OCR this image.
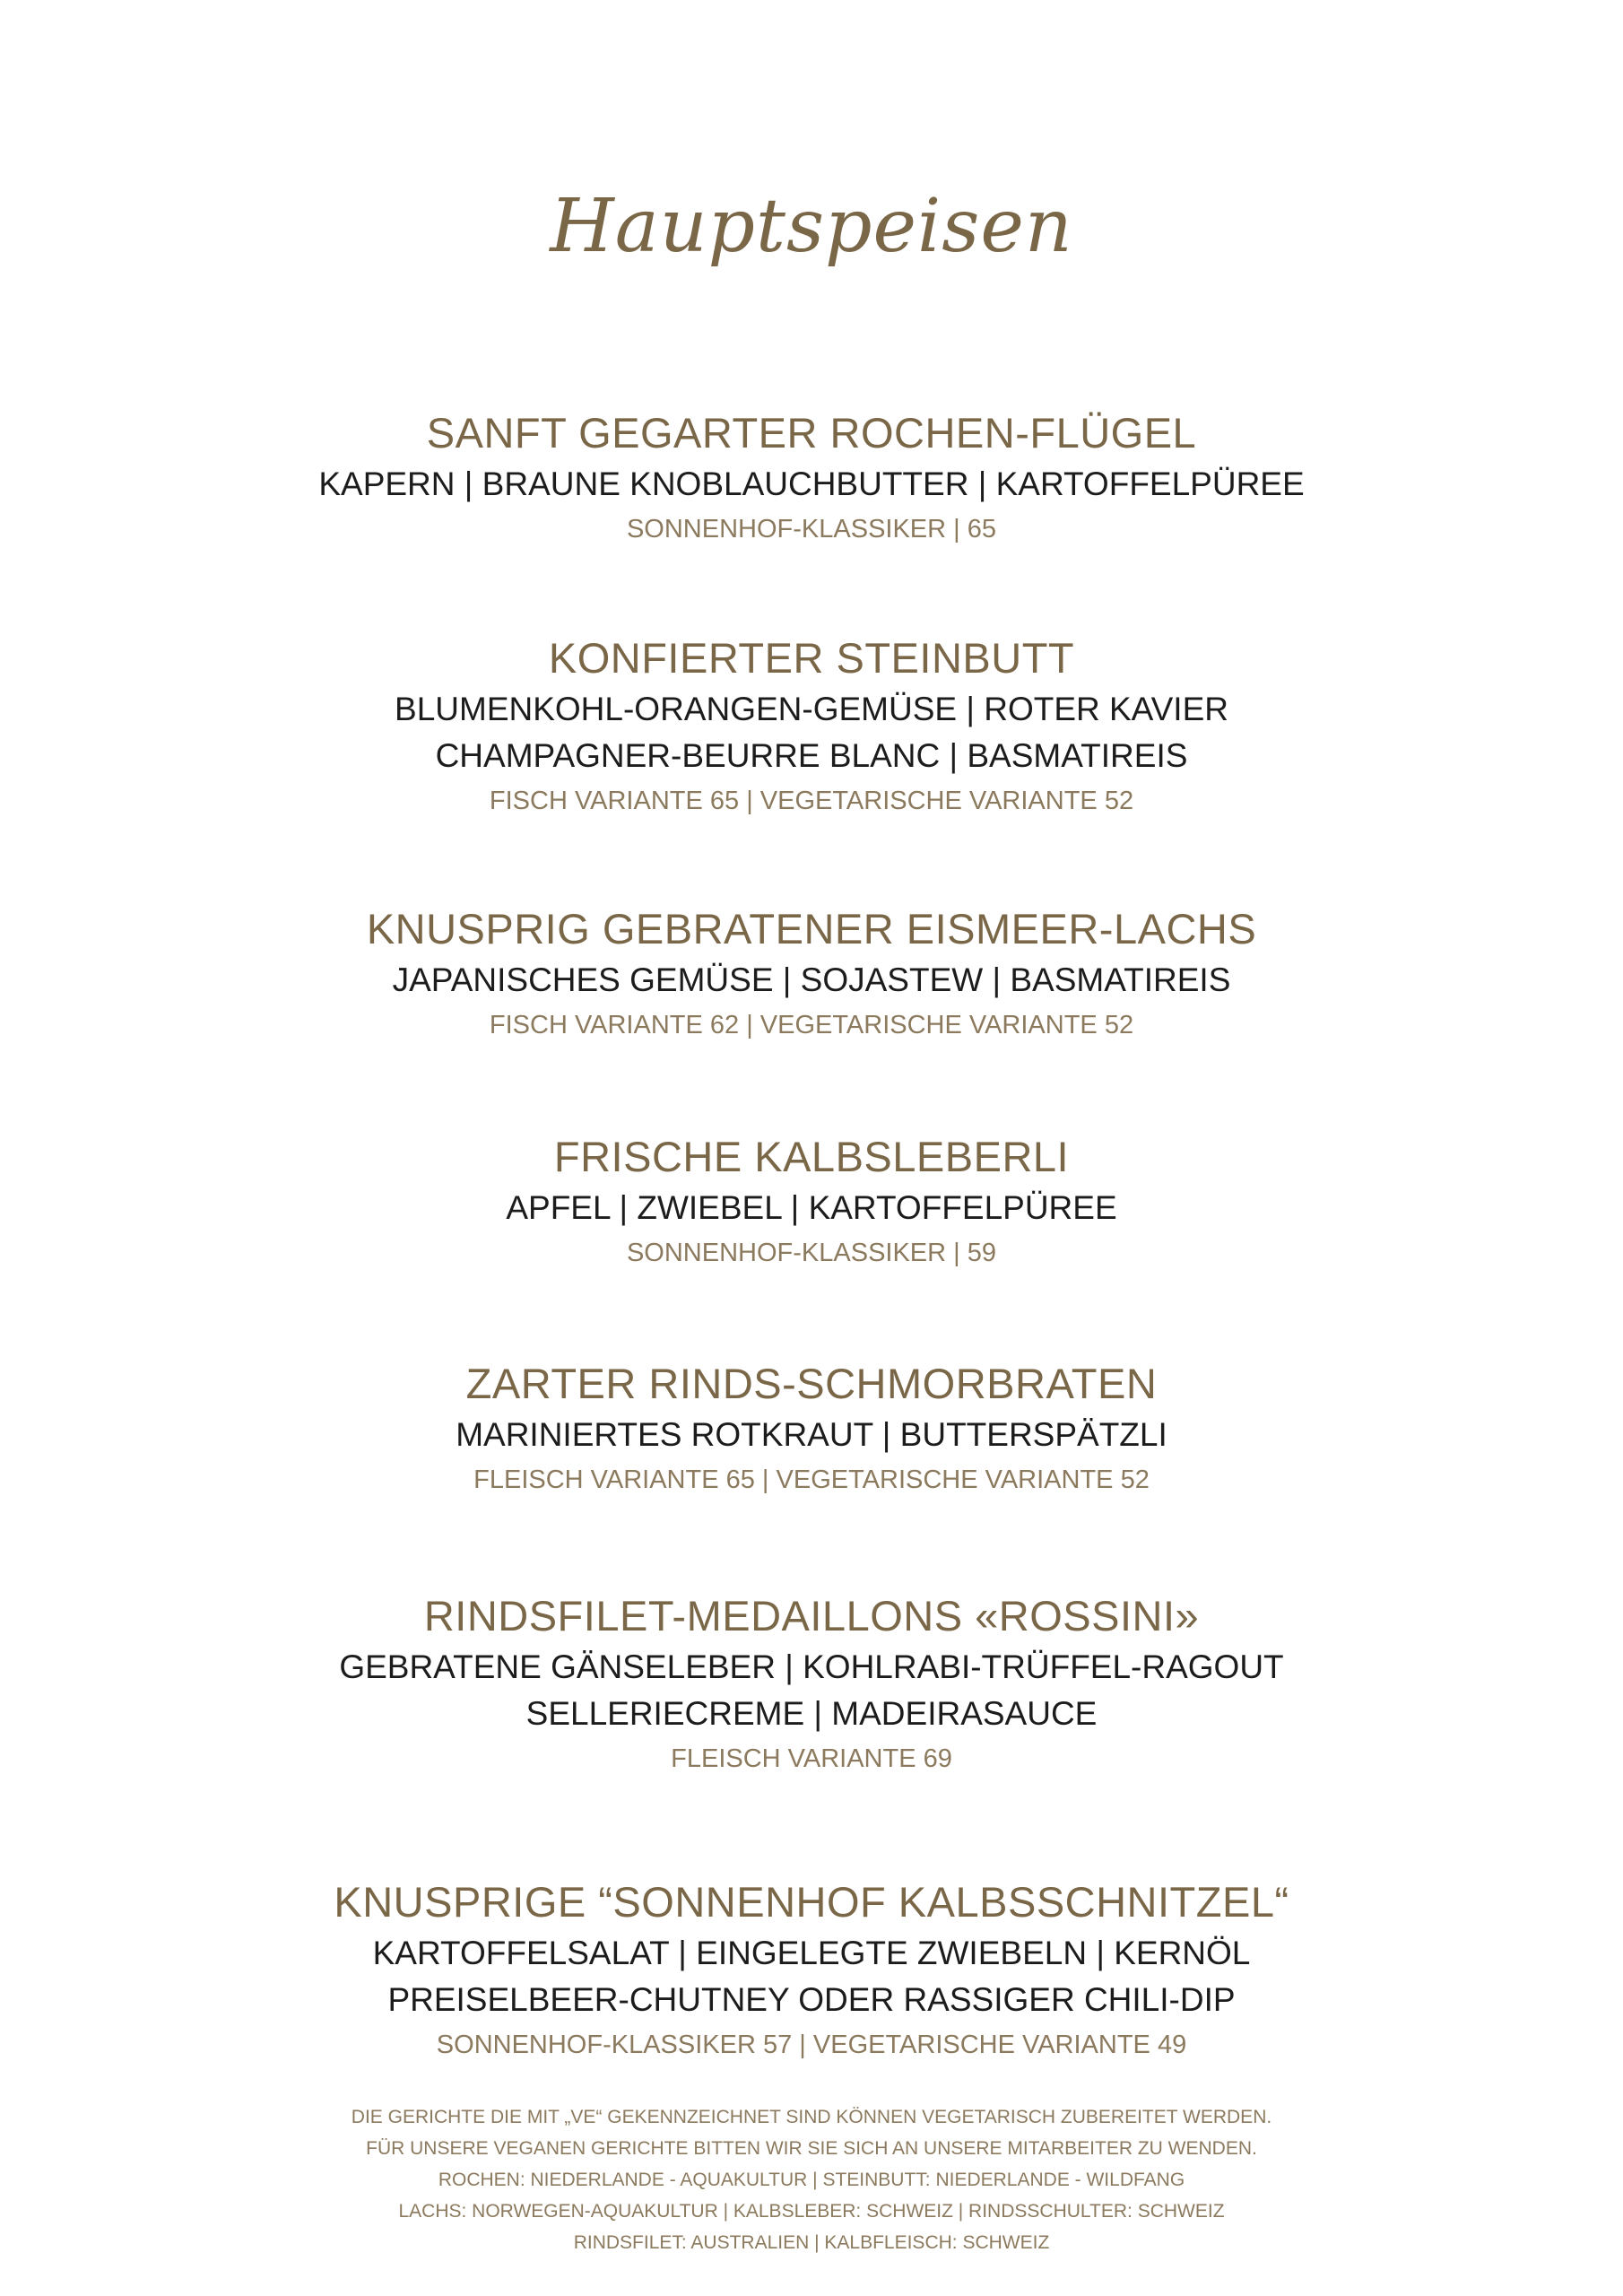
Hauptspeisen
SANFT GEGARTER ROCHEN-FLÜGEL
KAPERN | BRAUNE KNOBLAUCHBUTTER | KARTOFFELPÜREE
SONNENHOF-KLASSIKER | 65
KONFIERTER STEINBUTT
BLUMENKOHL-ORANGEN-GEMÜSE | ROTER KAVIER
CHAMPAGNER-BEURRE BLANC | BASMATIREIS
FISCH VARIANTE 65 | VEGETARISCHE VARIANTE 52
KNUSPRIG GEBRATENER EISMEER-LACHS
JAPANISCHES GEMÜSE | SOJASTEW | BASMATIREIS
FISCH VARIANTE 62 | VEGETARISCHE VARIANTE 52
FRISCHE KALBSLEBERLI
APFEL | ZWIEBEL | KARTOFFELPÜREE
SONNENHOF-KLASSIKER | 59
ZARTER RINDS-SCHMORBRATEN
MARINIERTES ROTKRAUT | BUTTERSPÄTZLI
FLEISCH VARIANTE 65 | VEGETARISCHE VARIANTE 52
RINDSFILET-MEDAILLONS «ROSSINI»
GEBRATENE GÄNSELEBER | KOHLRABI-TRÜFFEL-RAGOUT
SELLERIECREME | MADEIRASAUCE
FLEISCH VARIANTE 69
KNUSPRIGE “SONNENHOF KALBSSCHNITZEL“
KARTOFFELSALAT | EINGELEGTE ZWIEBELN | KERNÖL
PREISELBEER-CHUTNEY ODER RASSIGER CHILI-DIP
SONNENHOF-KLASSIKER 57 | VEGETARISCHE VARIANTE 49
DIE GERICHTE DIE MIT „VE“ GEKENNZEICHNET SIND KÖNNEN VEGETARISCH ZUBEREITET WERDEN.
FÜR UNSERE VEGANEN GERICHTE BITTEN WIR SIE SICH AN UNSERE MITARBEITER ZU WENDEN.
ROCHEN: NIEDERLANDE - AQUAKULTUR | STEINBUTT: NIEDERLANDE - WILDFANG
LACHS: NORWEGEN-AQUAKULTUR | KALBSLEBER: SCHWEIZ | RINDSSCHULTER: SCHWEIZ
RINDSFILET: AUSTRALIEN | KALBFLEISCH: SCHWEIZ
